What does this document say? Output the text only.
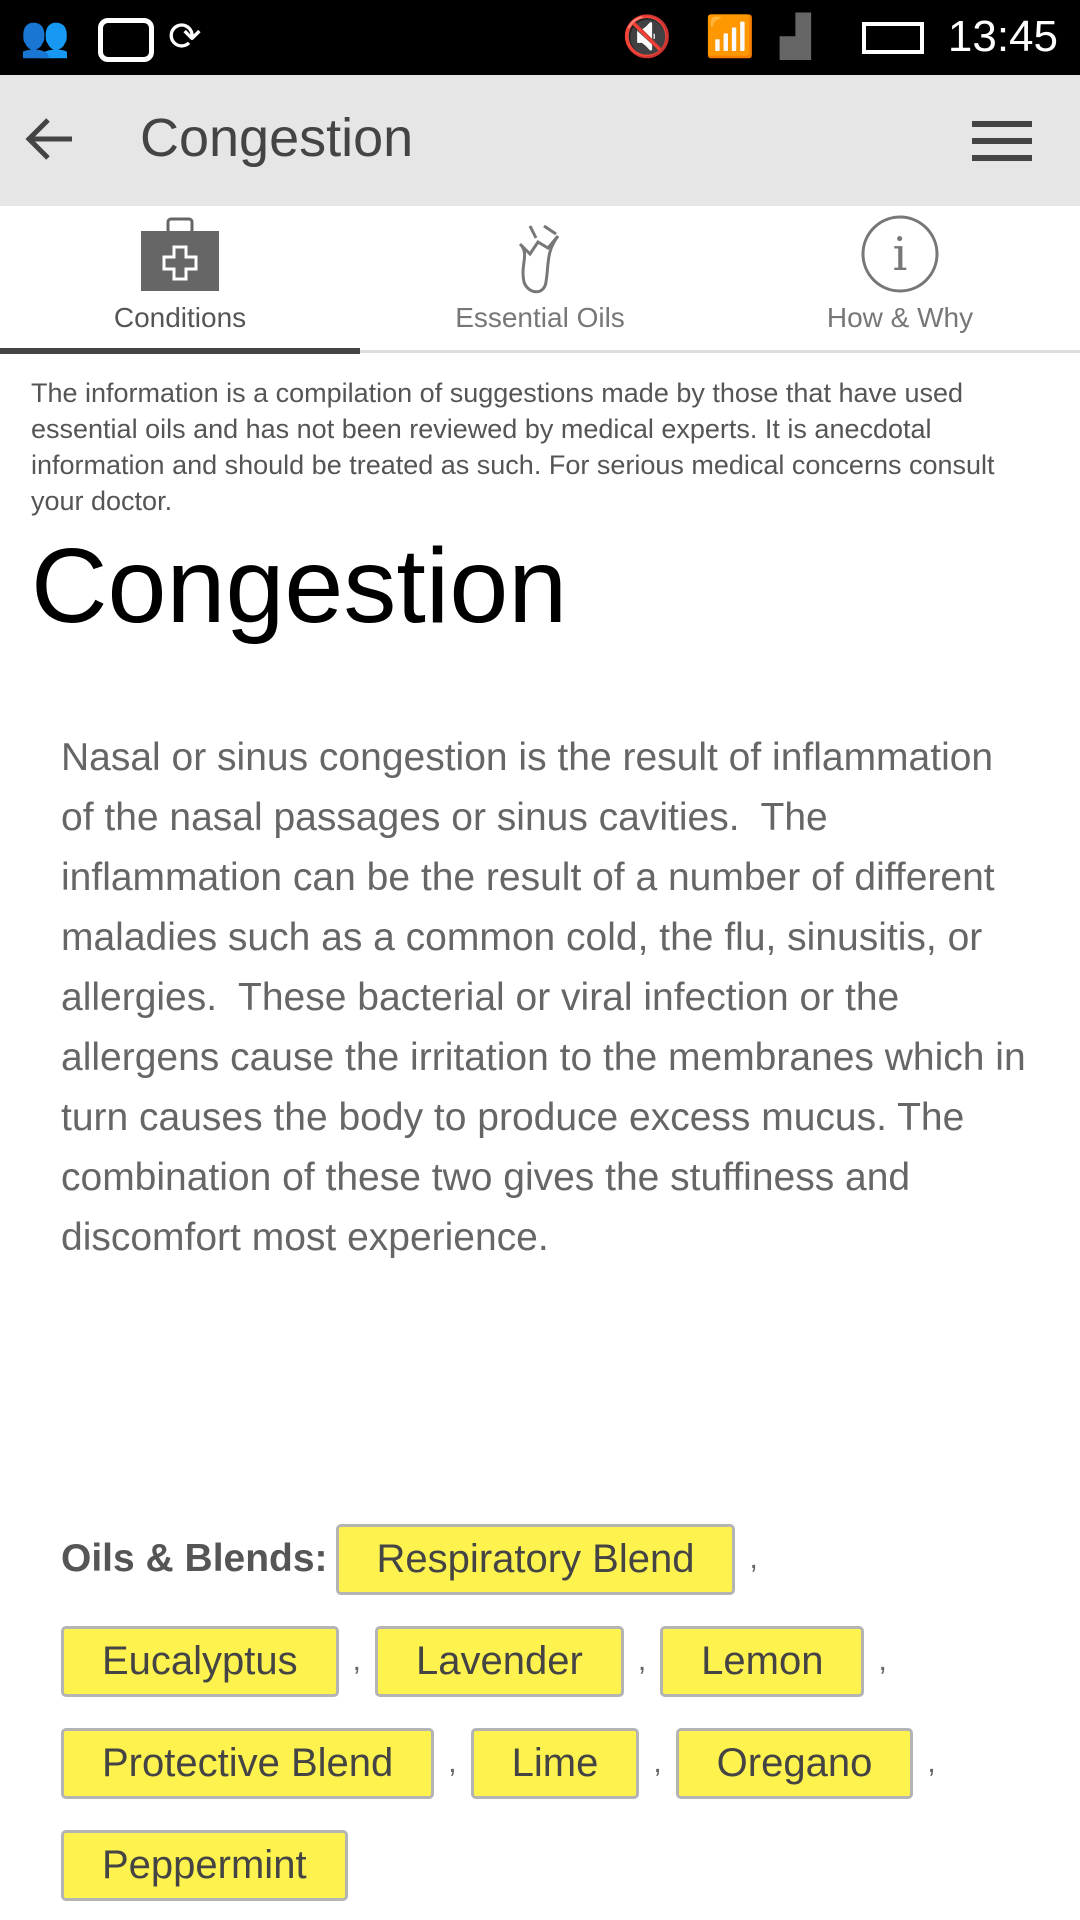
👥 ⟳	🔇 📶 ▟	13:45
Congestion
Conditions	Essential Oils
i
How & Why
The information is a compilation of suggestions made by those that have used essential oils and has not been reviewed by medical experts. It is anecdotal information and should be treated as such. For serious medical concerns consult your doctor.
Congestion
Nasal or sinus congestion is the result of inflammation of the nasal passages or sinus cavities.  The inflammation can be the result of a number of different maladies such as a common cold, the flu, sinusitis, or allergies.  These bacterial or viral infection or the allergens cause the irritation to the membranes which in turn causes the body to produce excess mucus. The combination of these two gives the stuffiness and discomfort most experience.
Oils & Blends: Respiratory Blend ,
Eucalyptus , Lavender , Lemon ,
Protective Blend , Lime , Oregano ,
Peppermint
